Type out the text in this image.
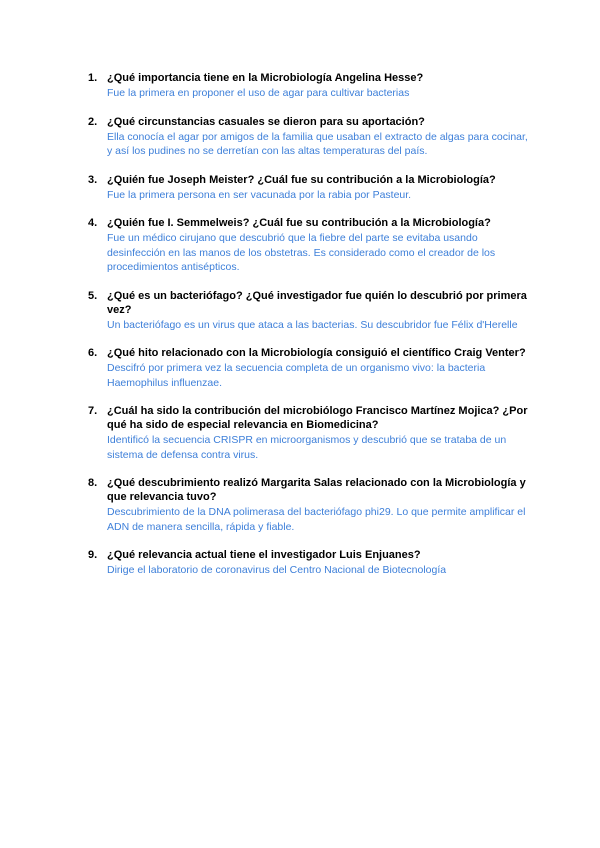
1. ¿Qué importancia tiene en la Microbiología Angelina Hesse?

Fue la primera en proponer el uso de agar para cultivar bacterias

2. ¿Qué circunstancias casuales se dieron para su aportación?

Ella conocía el agar por amigos de la familia que usaban el extracto de algas para cocinar, y así los pudines no se derretían con las altas temperaturas del país.

3. ¿Quién fue Joseph Meister? ¿Cuál fue su contribución a la Microbiología?

Fue la primera persona en ser vacunada por la rabia por Pasteur.

4. ¿Quién fue I. Semmelweis? ¿Cuál fue su contribución a la Microbiología?

Fue un médico cirujano que descubrió que la fiebre del parte se evitaba usando desinfección en las manos de los obstetras. Es considerado como el creador de los procedimientos antisépticos.

5. ¿Qué es un bacteriófago? ¿Qué investigador fue quién lo descubrió por primera vez?

Un bacteriófago es un virus que ataca a las bacterias. Su descubridor fue Félix d'Herelle

6. ¿Qué hito relacionado con la Microbiología consiguió el científico Craig Venter?

Descifró por primera vez la secuencia completa de un organismo vivo: la bacteria Haemophilus influenzae.

7. ¿Cuál ha sido la contribución del microbiólogo Francisco Martínez Mojica? ¿Por qué ha sido de especial relevancia en Biomedicina?

Identificó la secuencia CRISPR en microorganismos y descubrió que se trataba de un sistema de defensa contra virus.

8. ¿Qué descubrimiento realizó Margarita Salas relacionado con la Microbiología y que relevancia tuvo?

Descubrimiento de la DNA polimerasa del bacteriófago phi29. Lo que permite amplificar el ADN de manera sencilla, rápida y fiable.

9. ¿Qué relevancia actual tiene el investigador Luis Enjuanes?

Dirige el laboratorio de coronavirus del Centro Nacional de Biotecnología
